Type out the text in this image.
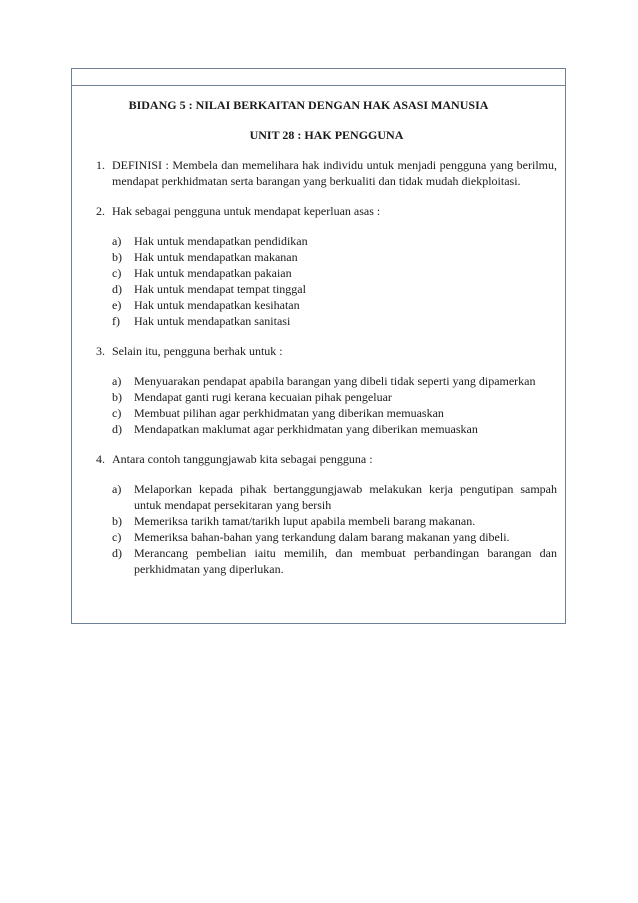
BIDANG 5 : NILAI BERKAITAN DENGAN HAK ASASI MANUSIA
UNIT 28 : HAK PENGGUNA
1. DEFINISI : Membela dan memelihara hak individu untuk menjadi pengguna yang berilmu, mendapat perkhidmatan serta barangan yang berkualiti dan tidak mudah diekploitasi.
2. Hak sebagai pengguna untuk mendapat keperluan asas :
a) Hak untuk mendapatkan pendidikan
b) Hak untuk mendapatkan makanan
c) Hak untuk mendapatkan pakaian
d) Hak untuk mendapat tempat tinggal
e) Hak untuk mendapatkan kesihatan
f) Hak untuk mendapatkan sanitasi
3. Selain itu, pengguna berhak untuk :
a) Menyuarakan pendapat apabila barangan yang dibeli tidak seperti yang dipamerkan
b) Mendapat ganti rugi kerana kecuaian pihak pengeluar
c) Membuat pilihan agar perkhidmatan yang diberikan memuaskan
d) Mendapatkan maklumat agar perkhidmatan yang diberikan memuaskan
4. Antara contoh tanggungjawab kita sebagai pengguna :
a) Melaporkan kepada pihak bertanggungjawab melakukan kerja pengutipan sampah untuk mendapat persekitaran yang bersih
b) Memeriksa tarikh tamat/tarikh luput apabila membeli barang makanan.
c) Memeriksa bahan-bahan yang terkandung dalam barang makanan yang dibeli.
d) Merancang pembelian iaitu memilih, dan membuat perbandingan barangan dan perkhidmatan yang diperlukan.
